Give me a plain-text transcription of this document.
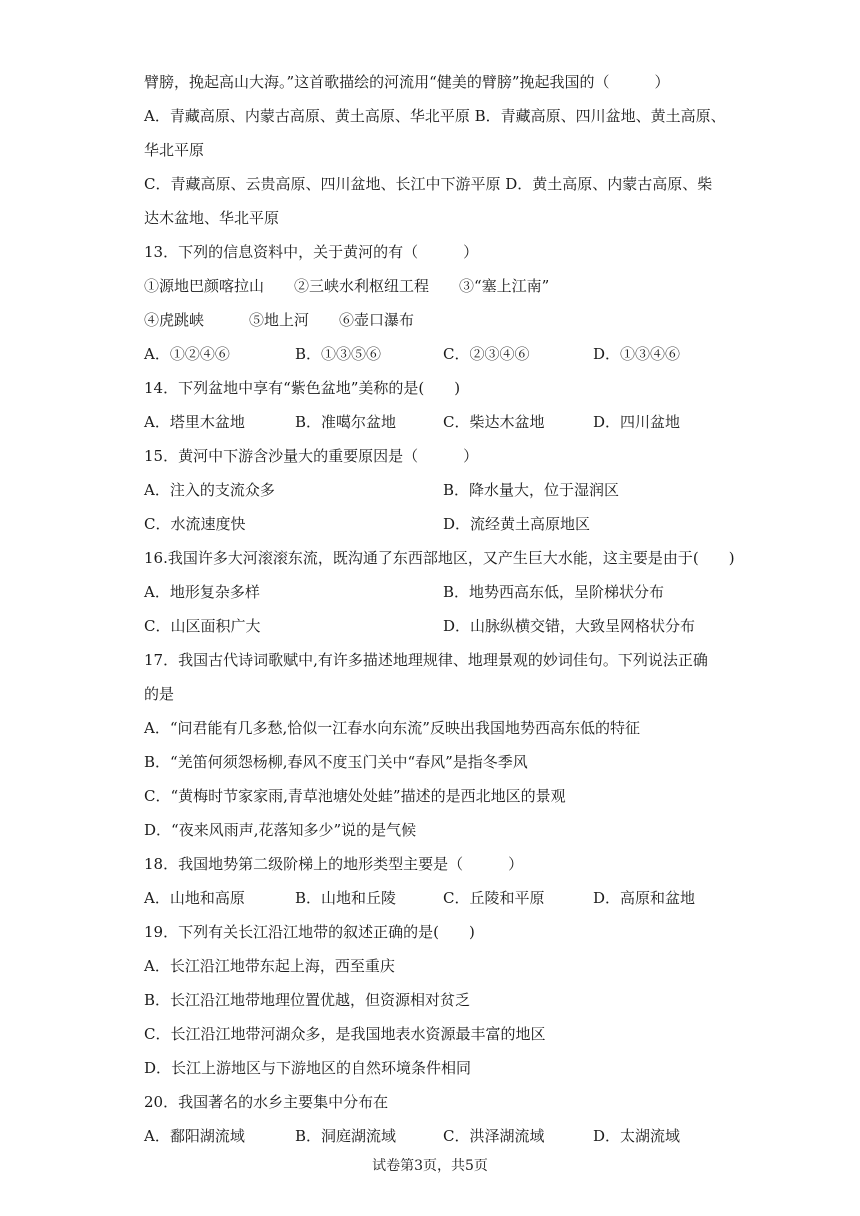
臂膀，挽起高山大海。”这首歌描绘的河流用“健美的臂膀”挽起我国的（　　　）
A．青藏高原、内蒙古高原、黄土高原、华北平原 B．青藏高原、四川盆地、黄土高原、
华北平原
C．青藏高原、云贵高原、四川盆地、长江中下游平原 D．黄土高原、内蒙古高原、柴
达木盆地、华北平原
13．下列的信息资料中，关于黄河的有（　　　）
①源地巴颜喀拉山　　②三峡水利枢纽工程　　③“塞上江南”
④虎跳峡　　　⑤地上河　　⑥壶口瀑布
A．①②④⑥	B．①③⑤⑥	C．②③④⑥	D．①③④⑥
14．下列盆地中享有“紫色盆地”美称的是(　　)
A．塔里木盆地	B．准噶尔盆地	C．柴达木盆地	D．四川盆地
15．黄河中下游含沙量大的重要原因是（　　　）
A．注入的支流众多	B．降水量大，位于湿润区
C．水流速度快	D．流经黄土高原地区
16.我国许多大河滚滚东流，既沟通了东西部地区，又产生巨大水能，这主要是由于(　　)
A．地形复杂多样	B．地势西高东低，呈阶梯状分布
C．山区面积广大	D．山脉纵横交错，大致呈网格状分布
17．我国古代诗词歌赋中,有许多描述地理规律、地理景观的妙词佳句。下列说法正确
的是
A．“问君能有几多愁,恰似一江春水向东流”反映出我国地势西高东低的特征
B．“羌笛何须怨杨柳,春风不度玉门关中“春风”是指冬季风
C．“黄梅时节家家雨,青草池塘处处蛙”描述的是西北地区的景观
D．“夜来风雨声,花落知多少”说的是气候
18．我国地势第二级阶梯上的地形类型主要是（　　　）
A．山地和高原	B．山地和丘陵	C．丘陵和平原	D．高原和盆地
19．下列有关长江沿江地带的叙述正确的是(　　)
A．长江沿江地带东起上海，西至重庆
B．长江沿江地带地理位置优越，但资源相对贫乏
C．长江沿江地带河湖众多，是我国地表水资源最丰富的地区
D．长江上游地区与下游地区的自然环境条件相同
20．我国著名的水乡主要集中分布在
A．鄱阳湖流域	B．洞庭湖流域	C．洪泽湖流域	D．太湖流域
试卷第3页，共5页
